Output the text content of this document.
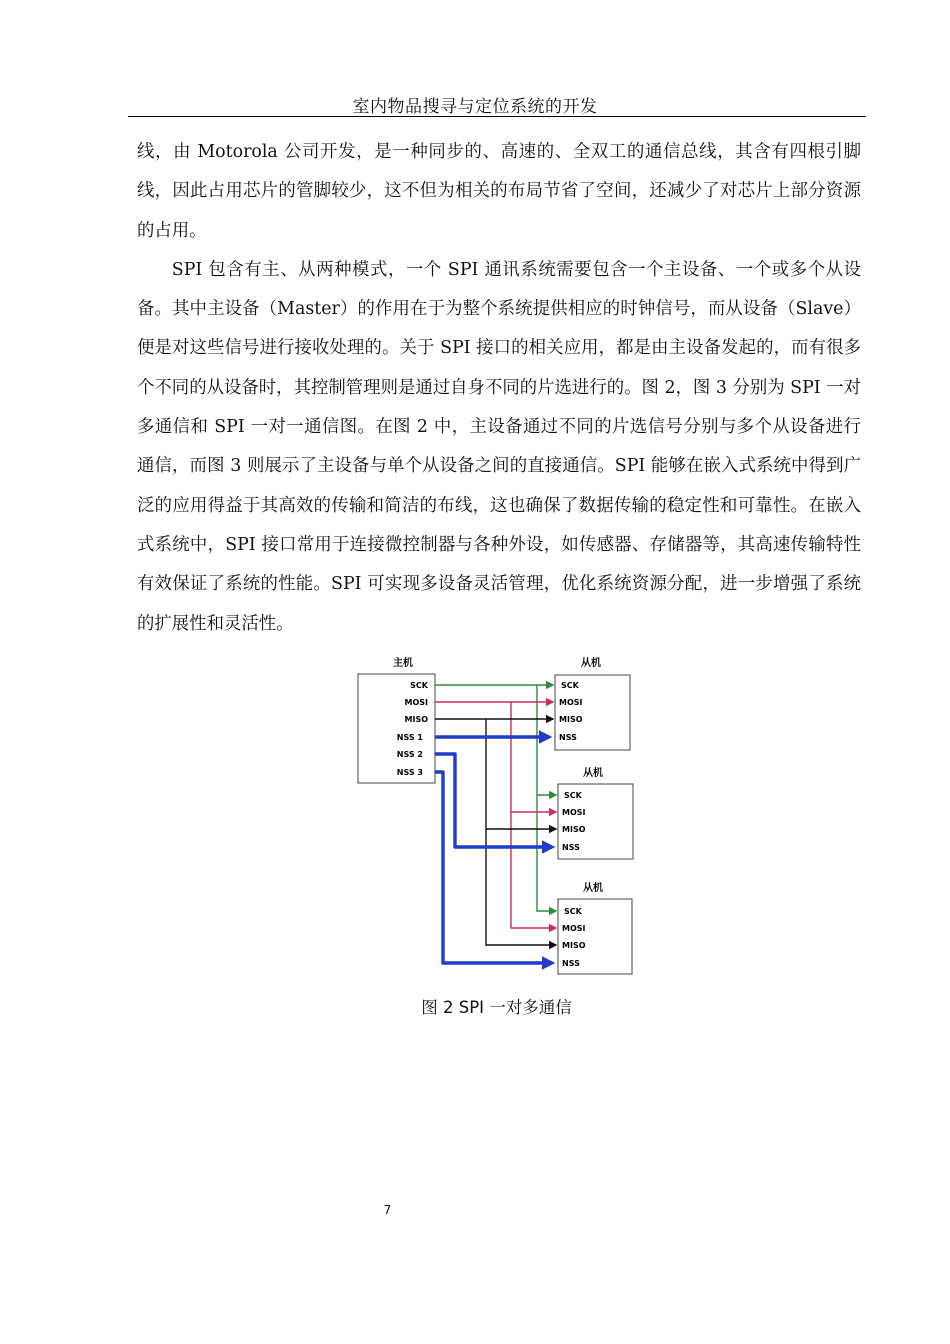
室内物品搜寻与定位系统的开发

线，由 Motorola 公司开发，是一种同步的、高速的、全双工的通信总线，其含有四根引脚线，因此占用芯片的管脚较少，这不但为相关的布局节省了空间，还减少了对芯片上部分资源的占用。

SPI 包含有主、从两种模式，一个 SPI 通讯系统需要包含一个主设备、一个或多个从设备。其中主设备（Master）的作用在于为整个系统提供相应的时钟信号，而从设备（Slave）便是对这些信号进行接收处理的。关于 SPI 接口的相关应用，都是由主设备发起的，而有很多个不同的从设备时，其控制管理则是通过自身不同的片选进行的。图 2，图 3 分别为 SPI 一对多通信和 SPI 一对一通信图。在图 2 中，主设备通过不同的片选信号分别与多个从设备进行通信，而图 3 则展示了主设备与单个从设备之间的直接通信。SPI 能够在嵌入式系统中得到广泛的应用得益于其高效的传输和简洁的布线，这也确保了数据传输的稳定性和可靠性。在嵌入式系统中，SPI 接口常用于连接微控制器与各种外设，如传感器、存储器等，其高速传输特性有效保证了系统的性能。SPI 可实现多设备灵活管理，优化系统资源分配，进一步增强了系统的扩展性和灵活性。

主机	从机
从机
从机
SCK
MOSI
MISO
NSS 1
NSS 2
NSS 3
SCK
MOSI
MISO
NSS
SCK
MOSI
MISO
NSS
SCK
MOSI
MISO
NSS
图 2 SPI 一对多通信
7
